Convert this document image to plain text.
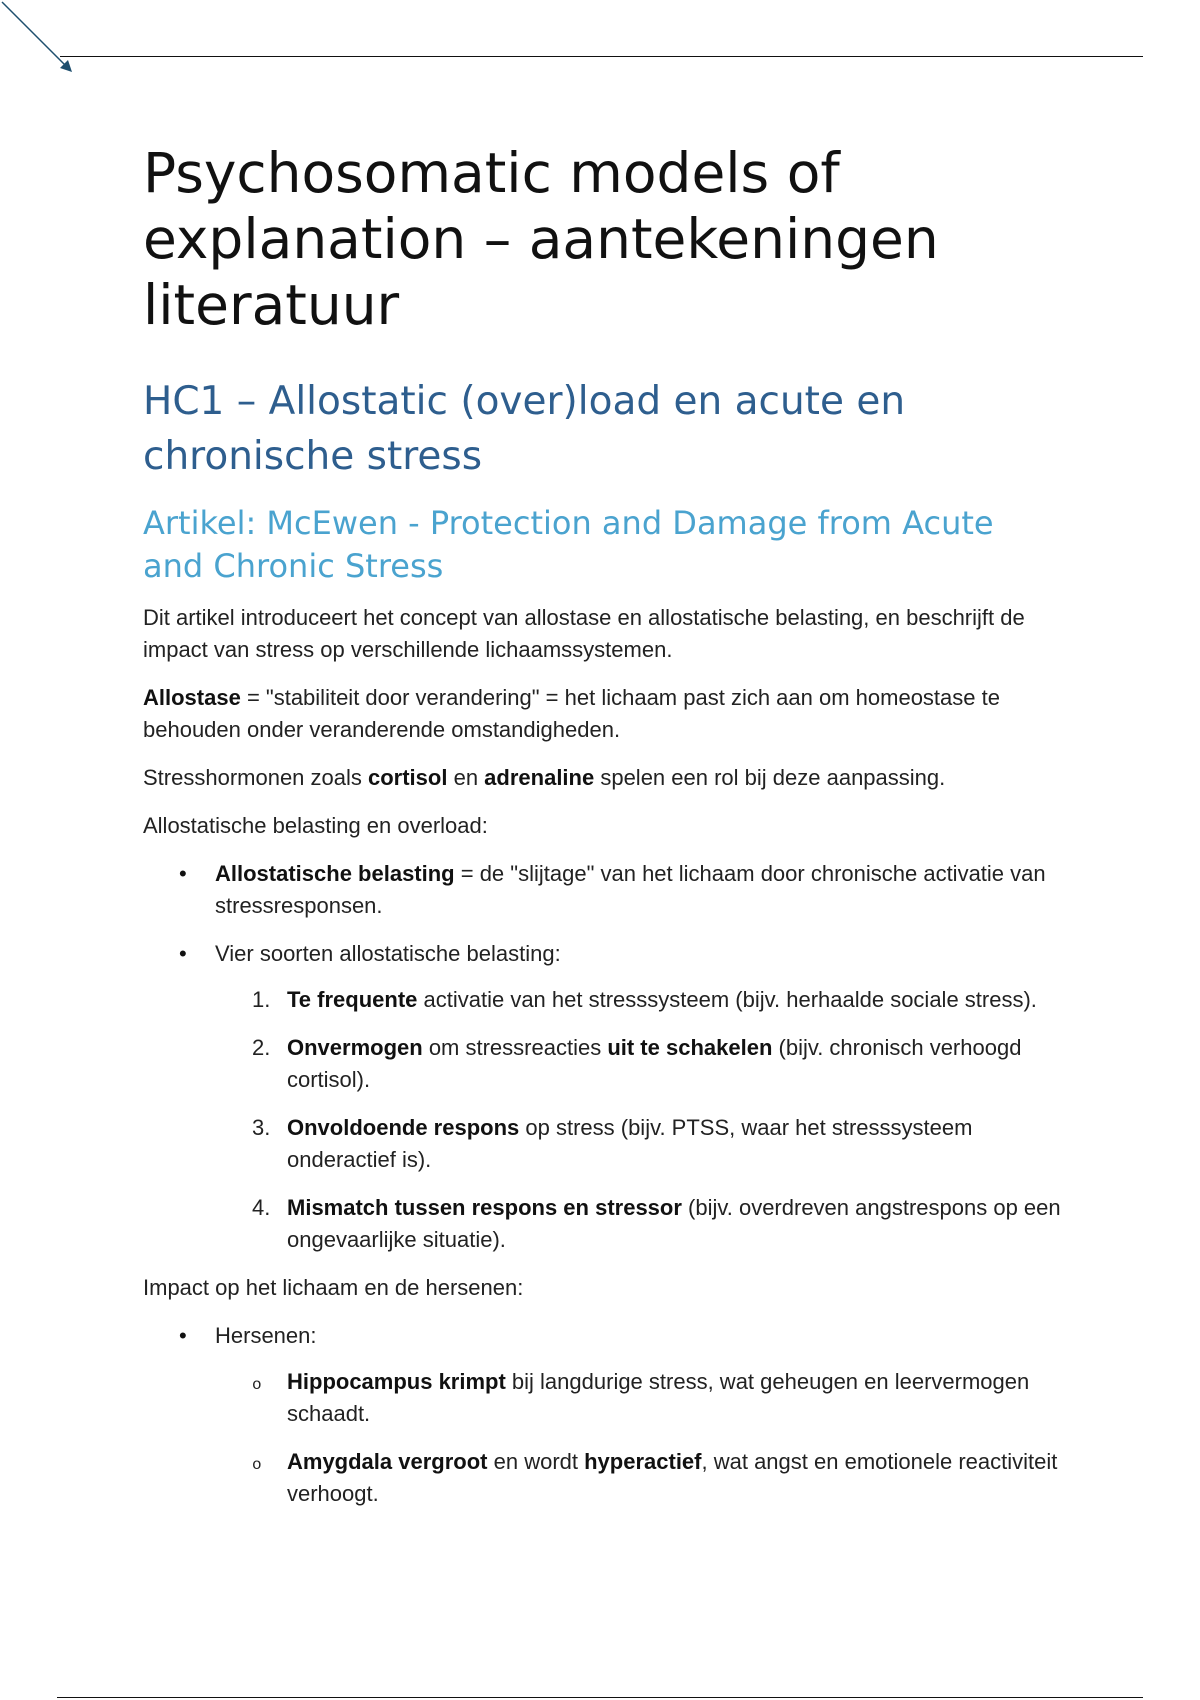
Psychosomatic models of explanation – aantekeningen literatuur
HC1 – Allostatic (over)load en acute en chronische stress
Artikel: McEwen - Protection and Damage from Acute and Chronic Stress

Dit artikel introduceert het concept van allostase en allostatische belasting, en beschrijft de impact van stress op verschillende lichaamssystemen.

Allostase = "stabiliteit door verandering" = het lichaam past zich aan om homeostase te behouden onder veranderende omstandigheden.

Stresshormonen zoals cortisol en adrenaline spelen een rol bij deze aanpassing.

Allostatische belasting en overload:

• Allostatische belasting = de "slijtage" van het lichaam door chronische activatie van stressresponsen.
• Vier soorten allostatische belasting:
1. Te frequente activatie van het stresssysteem (bijv. herhaalde sociale stress).
2. Onvermogen om stressreacties uit te schakelen (bijv. chronisch verhoogd cortisol).
3. Onvoldoende respons op stress (bijv. PTSS, waar het stresssysteem onderactief is).
4. Mismatch tussen respons en stressor (bijv. overdreven angstrespons op een ongevaarlijke situatie).

Impact op het lichaam en de hersenen:

• Hersenen:
o Hippocampus krimpt bij langdurige stress, wat geheugen en leervermogen schaadt.
o Amygdala vergroot en wordt hyperactief, wat angst en emotionele reactiviteit verhoogt.
